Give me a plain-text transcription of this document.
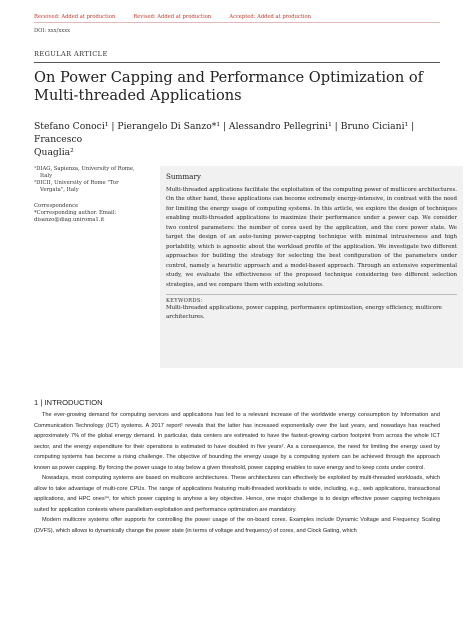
Received: Added at production	Revised: Added at production	Accepted: Added at production
DOI: xxx/xxxx
REGULAR ARTICLE
On Power Capping and Performance Optimization of Multi-threaded Applications
Stefano Conoci¹ | Pierangelo Di Sanzo*¹ | Alessandro Pellegrini¹ | Bruno Ciciani¹ | Francesco
Quaglia²
¹DIAG, Sapienza, University of Rome,
Italy
²DICII, University of Rome "Tor
Vergata", Italy
Correspondence
*Corresponding author. Email:
disanzo@diag.uniroma1.it
Summary
Multi-threaded applications facilitate the exploitation of the computing power of multicore architectures. On the other hand, these applications can become extremely energy-intensive, in contrast with the need for limiting the energy usage of computing systems. In this article, we explore the design of techniques enabling multi-threaded applications to maximize their performance under a power cap. We consider two control parameters: the number of cores used by the application, and the core power state. We target the design of an auto-tuning power-capping technique with minimal intrusiveness and high portability, which is agnostic about the workload profile of the application. We investigate two different approaches for building the strategy for selecting the best configuration of the parameters under control, namely a heuristic approach and a model-based approach. Through an extensive experimental study, we evaluate the effectiveness of the proposed technique considering two different selection strategies, and we compare them with existing solutions.
KEYWORDS:
Multi-threaded applications, power capping, performance optimization, energy efficiency, multicore architectures.
1 | INTRODUCTION

The ever-growing demand for computing services and applications has led to a relevant increase of the worldwide energy consumption by Information and Communication Technology (ICT) systems. A 2017 report¹ reveals that the latter has increased exponentially over the last years, and nowadays has reached approximately 7% of the global energy demand. In particular, data centers are estimated to have the fastest-growing carbon footprint from across the whole ICT sector, and the energy expenditure for their operations is estimated to have doubled in five years². As a consequence, the need for limiting the energy used by computing systems has become a rising challenge. The objective of bounding the energy usage by a computing system can be achieved through the approach known as power capping. By forcing the power usage to stay below a given threshold, power capping enables to save energy and to keep costs under control.

Nowadays, most computing systems are based on multicore architectures. These architectures can effectively be exploited by multi-threaded workloads, which allow to take advantage of multi-core CPUs. The range of applications featuring multi-threaded workloads is wide, including, e.g., web applications, transactional applications, and HPC ones³⁴, for which power capping is anyhow a key objective. Hence, one major challenge is to design effective power capping techniques suited for application contexts where parallelism exploitation and performance optimization are mandatory.

Modern multicore systems offer supports for controlling the power usage of the on-board cores. Examples include Dynamic Voltage and Frequency Scaling (DVFS), which allows to dynamically change the power state (in terms of voltage and frequency) of cores, and Clock Gating, which
